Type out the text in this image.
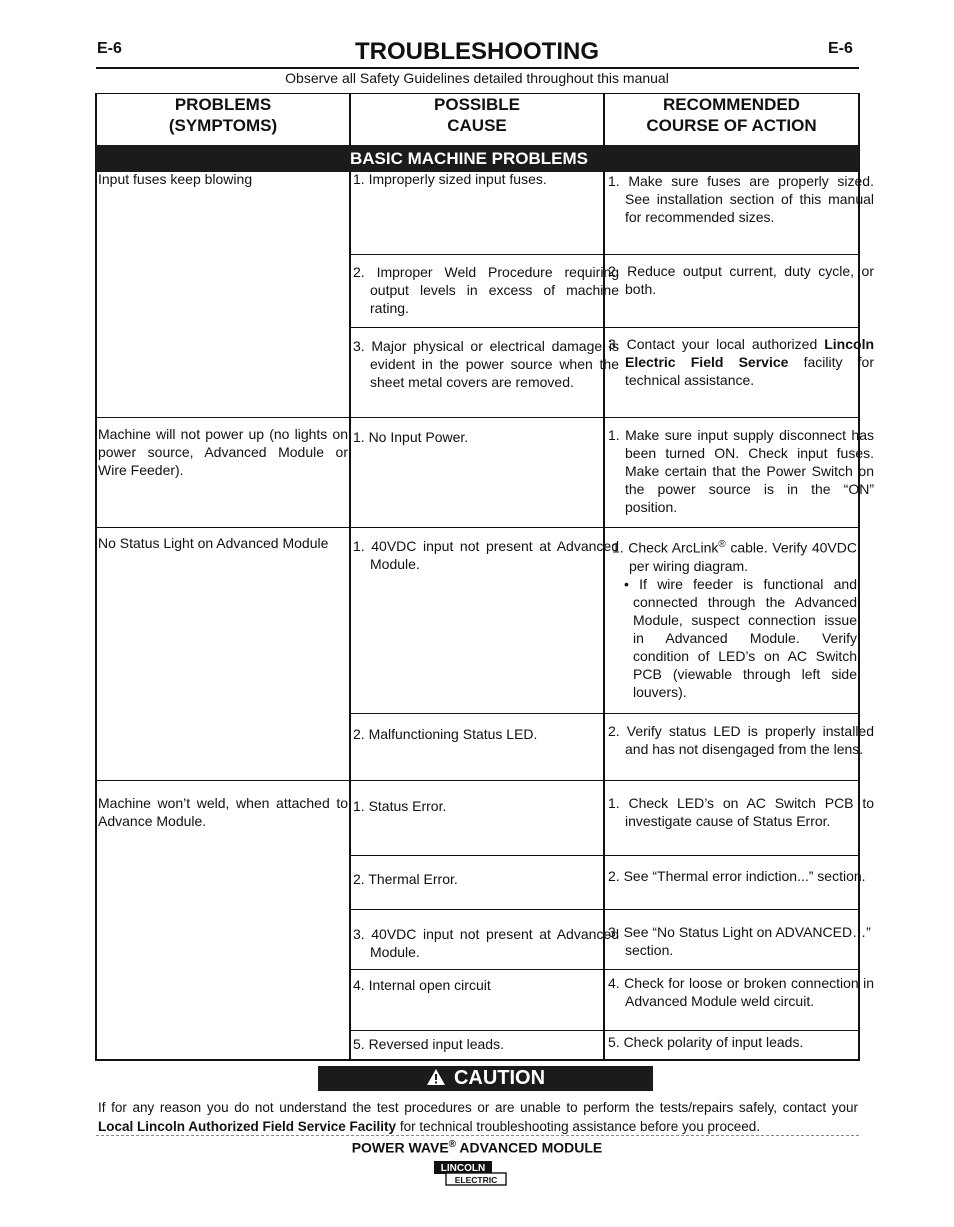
E-6	E-6
TROUBLESHOOTING
Observe all Safety Guidelines detailed throughout this manual
PROBLEMS
(SYMPTOMS)
POSSIBLE
CAUSE
RECOMMENDED
COURSE OF ACTION
BASIC MACHINE PROBLEMS
Input fuses keep blowing
Machine will not power up (no lights on power source, Advanced Module or Wire Feeder).
No Status Light on Advanced Module
Machine won’t weld, when attached to Advance Module.
1. Improperly sized input fuses.
2. Improper Weld Procedure requiring output levels in excess of machine rating.
3. Major physical or electrical damage is evident in the power source when the sheet metal covers are removed.
1. No Input Power.
1. 40VDC input not present at Advanced Module.
2. Malfunctioning Status LED.
1. Status Error.
2. Thermal Error.
3. 40VDC input not present at Advanced Module.
4. Internal open circuit
5. Reversed input leads.
1. Make sure fuses are properly sized. See installation section of this manual for recommended sizes.
2. Reduce output current, duty cycle, or both.
3. Contact your local authorized Lincoln Electric Field Service facility for technical assistance.
1. Make sure input supply disconnect has been turned ON. Check input fuses. Make certain that the Power Switch on the power source is in the “ON” position.
1. Check ArcLink® cable. Verify 40VDC per wiring diagram.
• If wire feeder is functional and connected through the Advanced Module, suspect connection issue in Advanced Module. Verify condition of LED’s on AC Switch PCB (viewable through left side louvers).
2. Verify status LED is properly installed and has not disengaged from the lens.
1. Check LED’s on AC Switch PCB to investigate cause of Status Error.
2. See “Thermal error indiction...” section.
3. See “No Status Light on ADVANCED…” section.
4. Check for loose or broken connection in Advanced Module weld circuit.
5. Check polarity of input leads.
CAUTION
If for any reason you do not understand the test procedures or are unable to perform the tests/repairs safely, contact your Local Lincoln Authorized Field Service Facility for technical troubleshooting assistance before you proceed.
POWER WAVE® ADVANCED MODULE
LINCOLN
ELECTRIC
